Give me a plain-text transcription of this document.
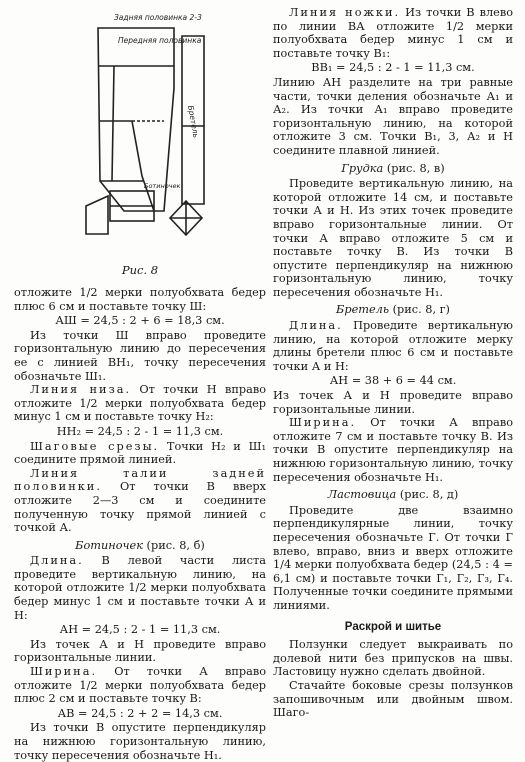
Задняя половинка 2-3
Передняя половинка
Бретель
Ботиночек
Рис. 8

отложите 1/2 мерки полуобхвата бедер плюс 6 см и поставьте точку Ш:

АШ = 24,5 : 2 + 6 = 18,3 см.

Из точки Ш вправо проведите горизонтальную линию до пересечения ее с линией ВН₁, точку пересечения обозначьте Ш₁.

Линия низа. От точки Н вправо отложите 1/2 мерки полуобхвата бедер минус 1 см и поставьте точку Н₂:

НН₂ = 24,5 : 2 - 1 = 11,3 см.

Шаговые срезы. Точки Н₂ и Ш₁ соедините прямой линией.

Линия талии задней половинки. От точки В вверх отложите 2—3 см и соедините полученную точку прямой линией с точкой А.

Ботиночек (рис. 8, б)

Длина. В левой части листа проведите вертикальную линию, на которой отложите 1/2 мерки полуобхвата бедер минус 1 см и поставьте точки А и Н:

АН = 24,5 : 2 - 1 = 11,3 см.

Из точек А и Н проведите вправо горизонтальные линии.

Ширина. От точки А вправо отложите 1/2 мерки полуобхвата бедер плюс 2 см и поставьте точку В:

АВ = 24,5 : 2 + 2 = 14,3 см.

Из точки В опустите перпендикуляр на нижнюю горизонтальную линию, точку пересечения обозначьте Н₁.

Линия ножки. Из точки В влево по линии ВА отложите 1/2 мерки полуобхвата бедер минус 1 см и поставьте точку В₁:

ВВ₁ = 24,5 : 2 - 1 = 11,3 см.

Линию АН разделите на три равные части, точки деления обозначьте А₁ и А₂. Из точки А₁ вправо проведите горизонтальную линию, на которой отложите 3 см. Точки В₁, 3, А₂ и Н соедините плавной линией.

Грудка (рис. 8, в)

Проведите вертикальную линию, на которой отложите 14 см, и поставьте точки А и Н. Из этих точек проведите вправо горизонтальные линии. От точки А вправо отложите 5 см и поставьте точку В. Из точки В опустите перпендикуляр на нижнюю горизонтальную линию, точку пересечения обозначьте Н₁.

Бретель (рис. 8, г)

Длина. Проведите вертикальную линию, на которой отложите мерку длины бретели плюс 6 см и поставьте точки А и Н:

АН = 38 + 6 = 44 см.

Из точек А и Н проведите вправо горизонтальные линии.

Ширина. От точки А вправо отложите 7 см и поставьте точку В. Из точки В опустите перпендикуляр на нижнюю горизонтальную линию, точку пересечения обозначьте Н₁.

Ластовица (рис. 8, д)

Проведите две взаимно перпендикулярные линии, точку пересечения обозначьте Г. От точки Г влево, вправо, вниз и вверх отложите 1/4 мерки полуобхвата бедер (24,5 : 4 = 6,1 см) и поставьте точки Г₁, Г₂, Г₃, Г₄. Полученные точки соедините прямыми линиями.

Раскрой и шитье

Ползунки следует выкраивать по долевой нити без припусков на швы. Ластовицу нужно сделать двойной.

Стачайте боковые срезы ползунков запошивочным или двойным швом. Шаго-
